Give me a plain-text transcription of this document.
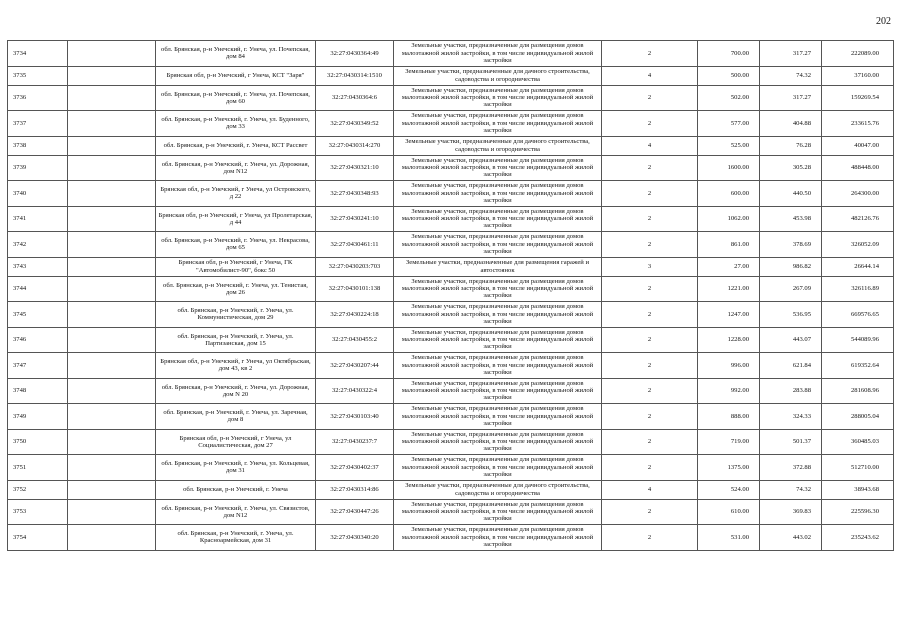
202
3734		обл. Брянская, р-н Унечский, г. Унеча, ул. Почепская, дом 84	32:27:0430364:49	Земельные участки, предназначенные для размещения домов малоэтажной жилой застройки, в том числе индивидуальной жилой застройки	2	700.00	317.27	222089.00
3735		Брянская обл, р-н Унечский, г Унеча, КСТ "Заря"	32:27:0430314:1510	Земельные участки, предназначенные для дачного строительства, садоводства и огородничества	4	500.00	74.32	37160.00
3736		обл. Брянская, р-н Унечский, г. Унеча, ул. Почепская, дом 60	32:27:0430364:6	Земельные участки, предназначенные для размещения домов малоэтажной жилой застройки, в том числе индивидуальной жилой застройки	2	502.00	317.27	159269.54
3737		обл. Брянская, р-н Унечский, г. Унеча, ул. Буденного, дом 33	32:27:0430349:52	Земельные участки, предназначенные для размещения домов малоэтажной жилой застройки, в том числе индивидуальной жилой застройки	2	577.00	404.88	233615.76
3738		обл. Брянская, р-н Унечский, г. Унеча, КСТ Рассвет	32:27:0430314:270	Земельные участки, предназначенные для дачного строительства, садоводства и огородничества	4	525.00	76.28	40047.00
3739		обл. Брянская, р-н Унечский, г. Унеча, ул. Дорожная, дом N12	32:27:0430321:10	Земельные участки, предназначенные для размещения домов малоэтажной жилой застройки, в том числе индивидуальной жилой застройки	2	1600.00	305.28	488448.00
3740		Брянская обл, р-н Унечский, г Унеча, ул Островского, д 22	32:27:0430348:93	Земельные участки, предназначенные для размещения домов малоэтажной жилой застройки, в том числе индивидуальной жилой застройки	2	600.00	440.50	264300.00
3741		Брянская обл, р-н Унечский, г Унеча, ул Пролетарская, д 44	32:27:0430241:10	Земельные участки, предназначенные для размещения домов малоэтажной жилой застройки, в том числе индивидуальной жилой застройки	2	1062.00	453.98	482126.76
3742		обл. Брянская, р-н Унечский, г. Унеча, ул. Некрасова, дом 65	32:27:0430461:11	Земельные участки, предназначенные для размещения домов малоэтажной жилой застройки, в том числе индивидуальной жилой застройки	2	861.00	378.69	326052.09
3743		Брянская обл, р-н Унечский, г Унеча, ГК "Автомобилист-90", бокс 50	32:27:0430203:703	Земельные участки, предназначенные для размещения гаражей и автостоянок	3	27.00	986.82	26644.14
3744		обл. Брянская, р-н Унечский, г. Унеча, ул. Тенистая, дом 26	32:27:0430101:138	Земельные участки, предназначенные для размещения домов малоэтажной жилой застройки, в том числе индивидуальной жилой застройки	2	1221.00	267.09	326116.89
3745		обл. Брянская, р-н Унечский, г. Унеча, ул. Коммунистическая, дом 29	32:27:0430224:18	Земельные участки, предназначенные для размещения домов малоэтажной жилой застройки, в том числе индивидуальной жилой застройки	2	1247.00	536.95	669576.65
3746		обл. Брянская, р-н Унечский, г. Унеча, ул. Партизанская, дом 15	32:27:0430455:2	Земельные участки, предназначенные для размещения домов малоэтажной жилой застройки, в том числе индивидуальной жилой застройки	2	1228.00	443.07	544089.96
3747		Брянская обл, р-н Унечский, г Унеча, ул Октябрьская, дом 43, кв 2	32:27:0430207:44	Земельные участки, предназначенные для размещения домов малоэтажной жилой застройки, в том числе индивидуальной жилой застройки	2	996.00	621.84	619352.64
3748		обл. Брянская, р-н Унечский, г. Унеча, ул. Дорожная, дом N 20	32:27:0430322:4	Земельные участки, предназначенные для размещения домов малоэтажной жилой застройки, в том числе индивидуальной жилой застройки	2	992.00	283.88	281608.96
3749		обл. Брянская, р-н Унечский, г. Унеча, ул. Заречная, дом 8	32:27:0430103:40	Земельные участки, предназначенные для размещения домов малоэтажной жилой застройки, в том числе индивидуальной жилой застройки	2	888.00	324.33	288005.04
3750		Брянская обл, р-н Унечский, г Унеча, ул Социалистическая, дом 27	32:27:0430237:7	Земельные участки, предназначенные для размещения домов малоэтажной жилой застройки, в том числе индивидуальной жилой застройки	2	719.00	501.37	360485.03
3751		обл. Брянская, р-н Унечский, г. Унеча, ул. Кольцевая, дом 31	32:27:0430402:37	Земельные участки, предназначенные для размещения домов малоэтажной жилой застройки, в том числе индивидуальной жилой застройки	2	1375.00	372.88	512710.00
3752		обл. Брянская, р-н Унечский, г. Унеча	32:27:0430314:86	Земельные участки, предназначенные для дачного строительства, садоводства и огородничества	4	524.00	74.32	38943.68
3753		обл. Брянская, р-н Унечский, г. Унеча, ул. Связистов, дом N12	32:27:0430447:26	Земельные участки, предназначенные для размещения домов малоэтажной жилой застройки, в том числе индивидуальной жилой застройки	2	610.00	369.83	225596.30
3754		обл. Брянская, р-н Унечский, г. Унеча, ул. Красноармейская, дом 31	32:27:0430340:20	Земельные участки, предназначенные для размещения домов малоэтажной жилой застройки, в том числе индивидуальной жилой застройки	2	531.00	443.02	235243.62
